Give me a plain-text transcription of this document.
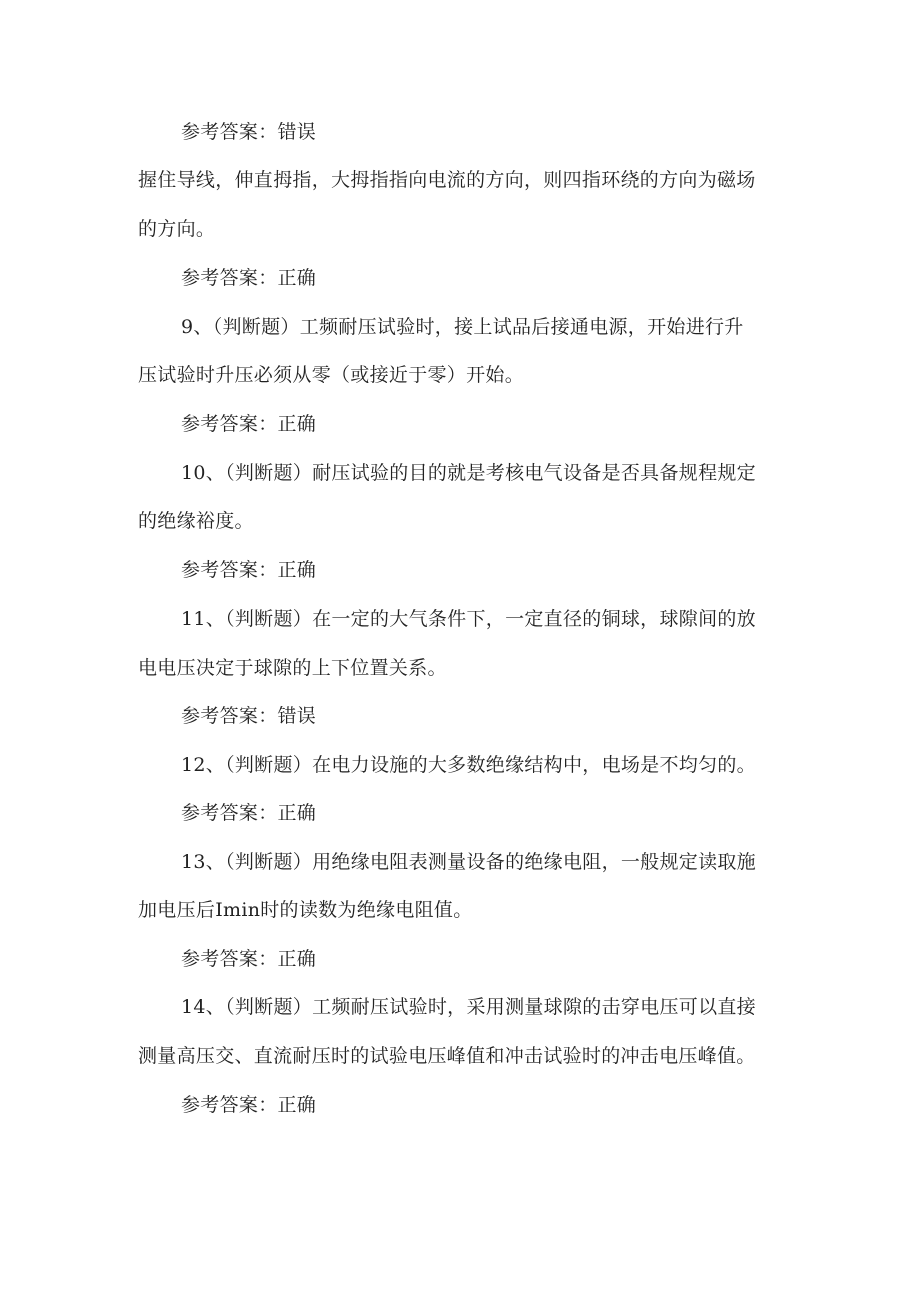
参考答案：错误
握住导线，伸直拇指，大拇指指向电流的方向，则四指环绕的方向为磁场
的方向。
参考答案：正确
9、（判断题）工频耐压试验时，接上试品后接通电源，开始进行升
压试验时升压必须从零（或接近于零）开始。
参考答案：正确
10、（判断题）耐压试验的目的就是考核电气设备是否具备规程规定
的绝缘裕度。
参考答案：正确
11、（判断题）在一定的大气条件下，一定直径的铜球，球隙间的放
电电压决定于球隙的上下位置关系。
参考答案：错误
12、（判断题）在电力设施的大多数绝缘结构中，电场是不均匀的。
参考答案：正确
13、（判断题）用绝缘电阻表测量设备的绝缘电阻，一般规定读取施
加电压后Imin时的读数为绝缘电阻值。
参考答案：正确
14、（判断题）工频耐压试验时，采用测量球隙的击穿电压可以直接
测量高压交、直流耐压时的试验电压峰值和冲击试验时的冲击电压峰值。
参考答案：正确
